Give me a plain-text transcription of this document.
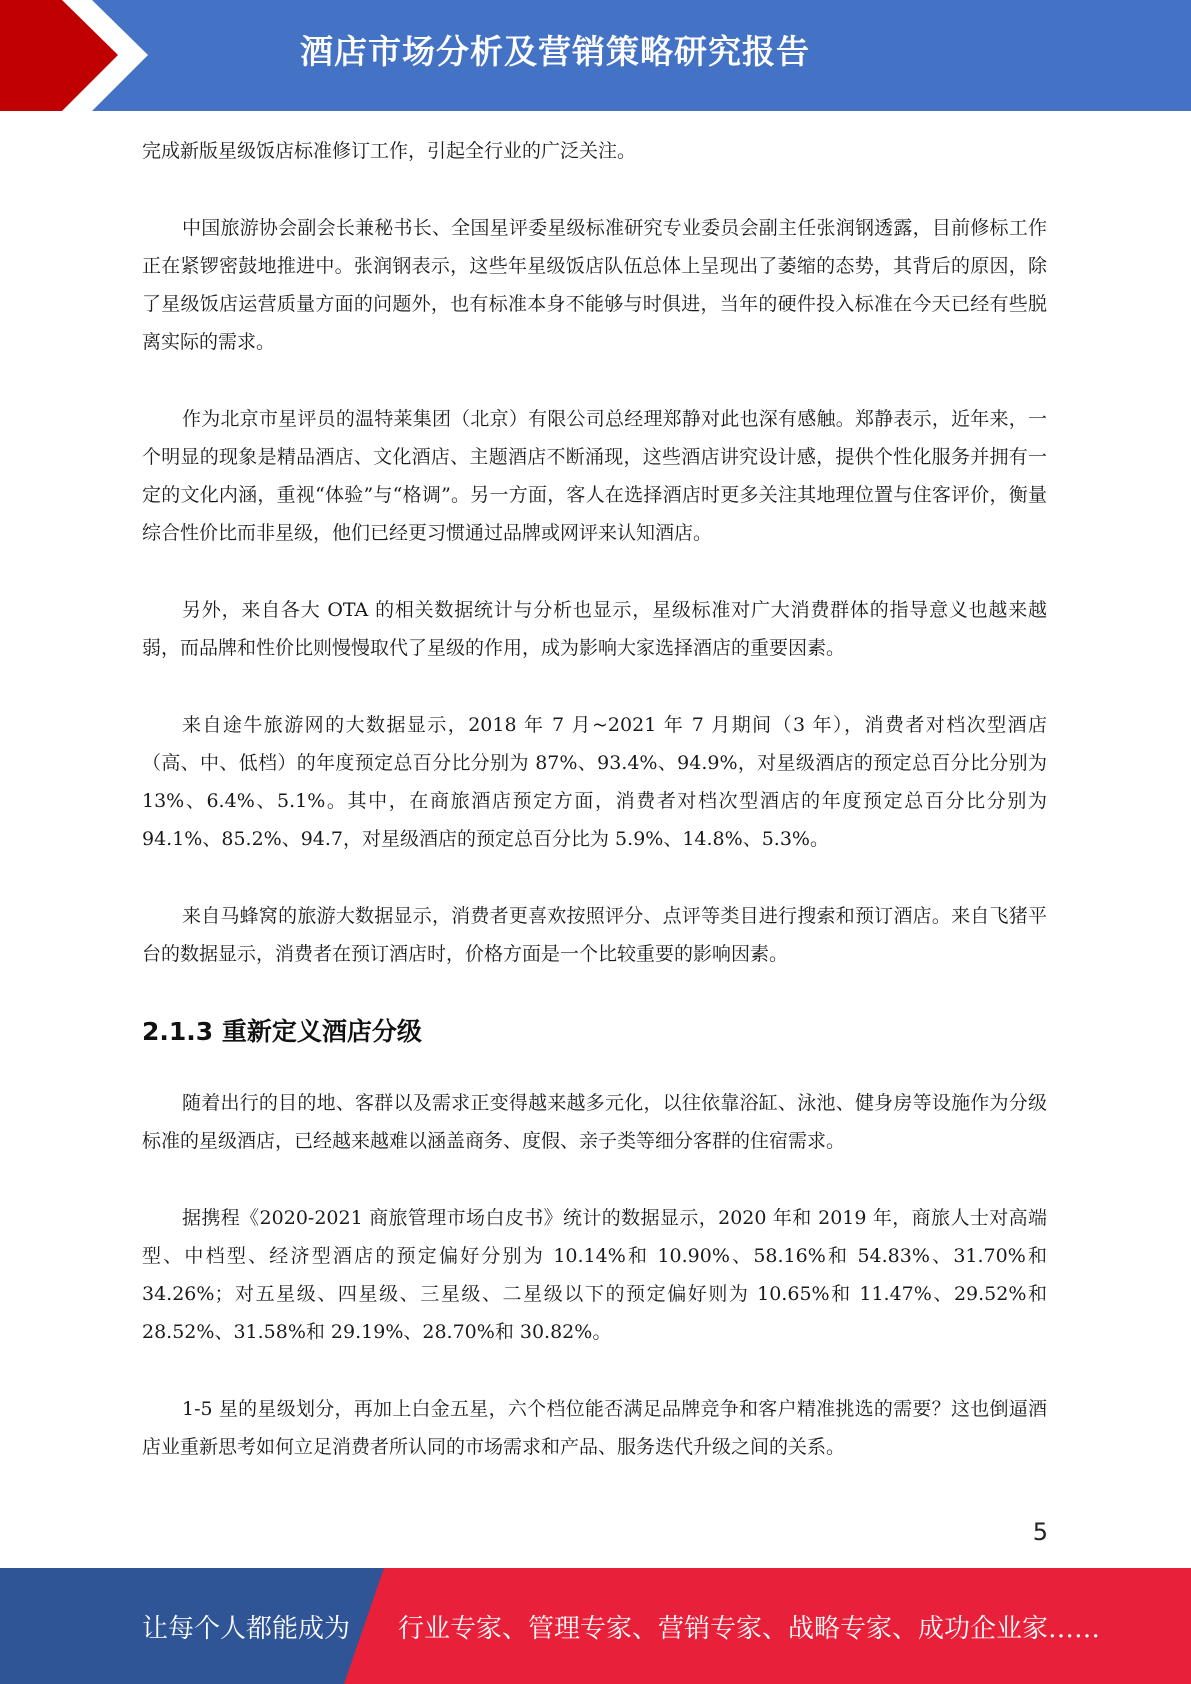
酒店市场分析及营销策略研究报告

完成新版星级饭店标准修订工作，引起全行业的广泛关注。

中国旅游协会副会长兼秘书长、全国星评委星级标准研究专业委员会副主任张润钢透露，目前修标工作正在紧锣密鼓地推进中。张润钢表示，这些年星级饭店队伍总体上呈现出了萎缩的态势，其背后的原因，除了星级饭店运营质量方面的问题外，也有标准本身不能够与时俱进，当年的硬件投入标准在今天已经有些脱离实际的需求。

作为北京市星评员的温特莱集团（北京）有限公司总经理郑静对此也深有感触。郑静表示，近年来，一个明显的现象是精品酒店、文化酒店、主题酒店不断涌现，这些酒店讲究设计感，提供个性化服务并拥有一定的文化内涵，重视“体验”与“格调”。另一方面，客人在选择酒店时更多关注其地理位置与住客评价，衡量综合性价比而非星级，他们已经更习惯通过品牌或网评来认知酒店。

另外，来自各大 OTA 的相关数据统计与分析也显示，星级标准对广大消费群体的指导意义也越来越弱，而品牌和性价比则慢慢取代了星级的作用，成为影响大家选择酒店的重要因素。

来自途牛旅游网的大数据显示，2018 年 7 月~2021 年 7 月期间（3 年），消费者对档次型酒店（高、中、低档）的年度预定总百分比分别为 87%、93.4%、94.9%，对星级酒店的预定总百分比分别为 13%、6.4%、5.1%。其中，在商旅酒店预定方面，消费者对档次型酒店的年度预定总百分比分别为 94.1%、85.2%、94.7，对星级酒店的预定总百分比为 5.9%、14.8%、5.3%。

来自马蜂窝的旅游大数据显示，消费者更喜欢按照评分、点评等类目进行搜索和预订酒店。来自飞猪平台的数据显示，消费者在预订酒店时，价格方面是一个比较重要的影响因素。

2.1.3 重新定义酒店分级

随着出行的目的地、客群以及需求正变得越来越多元化，以往依靠浴缸、泳池、健身房等设施作为分级标准的星级酒店，已经越来越难以涵盖商务、度假、亲子类等细分客群的住宿需求。

据携程《2020-2021 商旅管理市场白皮书》统计的数据显示，2020 年和 2019 年，商旅人士对高端型、中档型、经济型酒店的预定偏好分别为 10.14%和 10.90%、58.16%和 54.83%、31.70%和34.26%；对五星级、四星级、三星级、二星级以下的预定偏好则为 10.65%和 11.47%、29.52%和28.52%、31.58%和 29.19%、28.70%和 30.82%。

1-5 星的星级划分，再加上白金五星，六个档位能否满足品牌竞争和客户精准挑选的需要？这也倒逼酒店业重新思考如何立足消费者所认同的市场需求和产品、服务迭代升级之间的关系。

5
让每个人都能成为 行业专家、管理专家、营销专家、战略专家、成功企业家……
